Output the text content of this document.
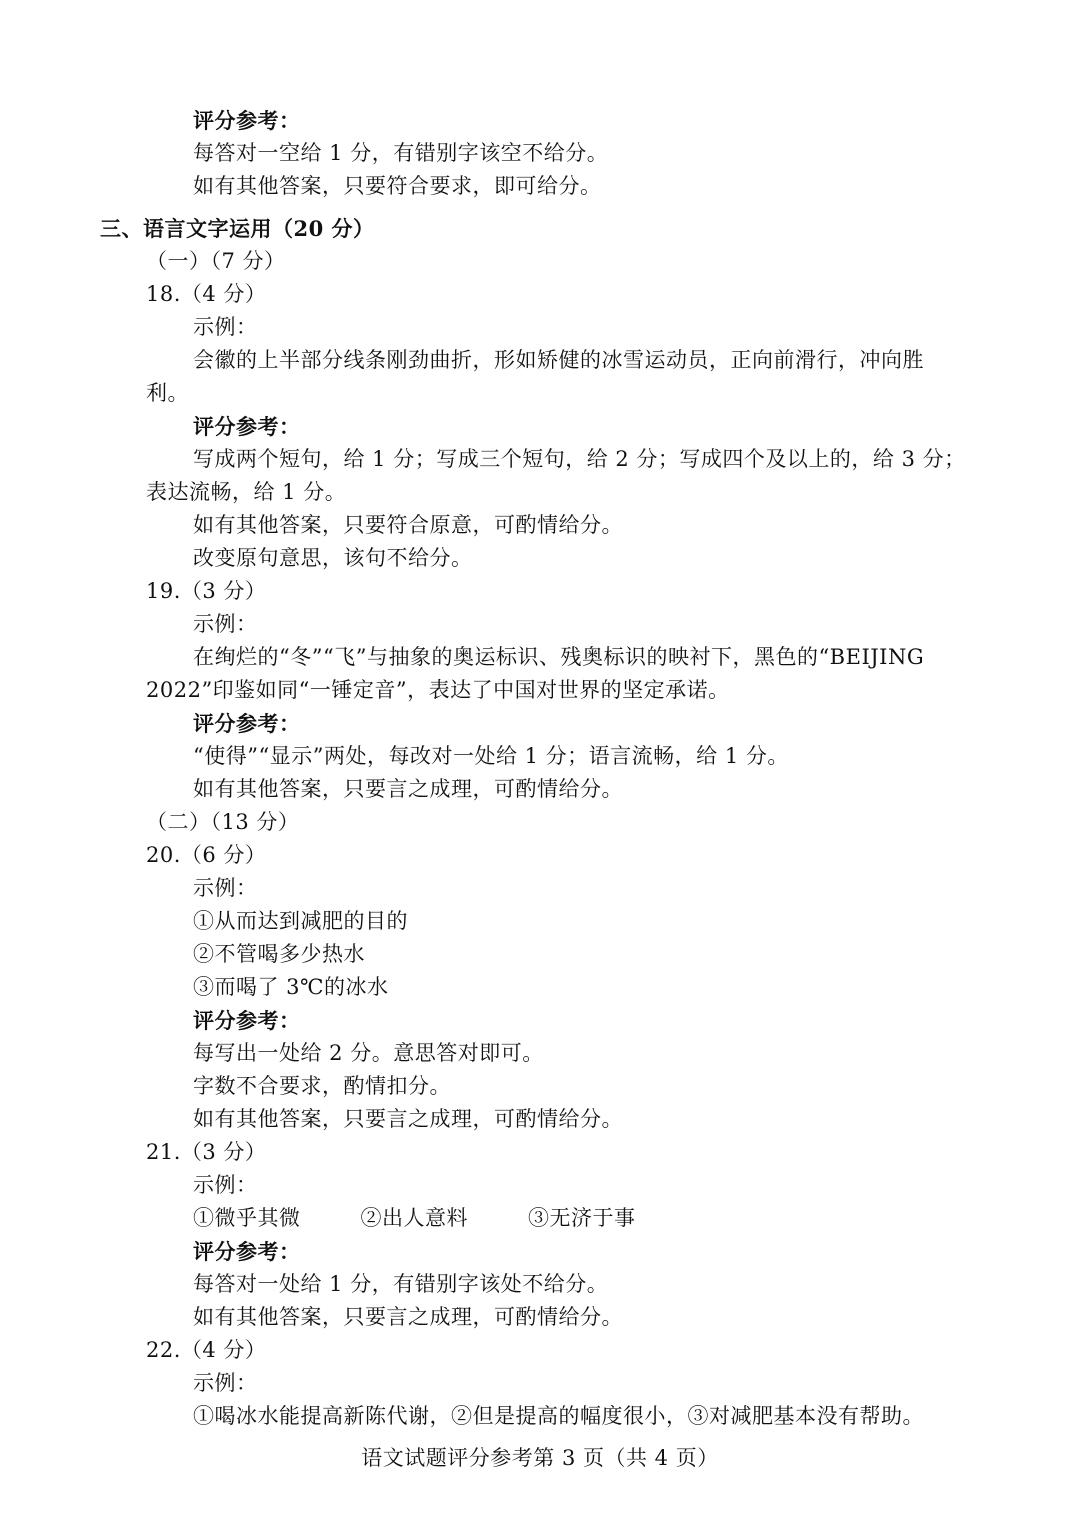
评分参考：
每答对一空给 1 分，有错别字该空不给分。
如有其他答案，只要符合要求，即可给分。
三、语言文字运用（20 分）
（一）（7 分）
18.（4 分）
示例：
会徽的上半部分线条刚劲曲折，形如矫健的冰雪运动员，正向前滑行，冲向胜
利。
评分参考：
写成两个短句，给 1 分；写成三个短句，给 2 分；写成四个及以上的，给 3 分；
表达流畅，给 1 分。
如有其他答案，只要符合原意，可酌情给分。
改变原句意思，该句不给分。
19.（3 分）
示例：
在绚烂的“冬”“飞”与抽象的奥运标识、残奥标识的映衬下，黑色的“BEIJING
2022”印鉴如同“一锤定音”，表达了中国对世界的坚定承诺。
评分参考：
“使得”“显示”两处，每改对一处给 1 分；语言流畅，给 1 分。
如有其他答案，只要言之成理，可酌情给分。
（二）（13 分）
20.（6 分）
示例：
①从而达到减肥的目的
②不管喝多少热水
③而喝了 3℃的冰水
评分参考：
每写出一处给 2 分。意思答对即可。
字数不合要求，酌情扣分。
如有其他答案，只要言之成理，可酌情给分。
21.（3 分）
示例：
①微乎其微	②出人意料	③无济于事
评分参考：
每答对一处给 1 分，有错别字该处不给分。
如有其他答案，只要言之成理，可酌情给分。
22.（4 分）
示例：
①喝冰水能提高新陈代谢，②但是提高的幅度很小，③对减肥基本没有帮助。
语文试题评分参考第 3 页（共 4 页）
